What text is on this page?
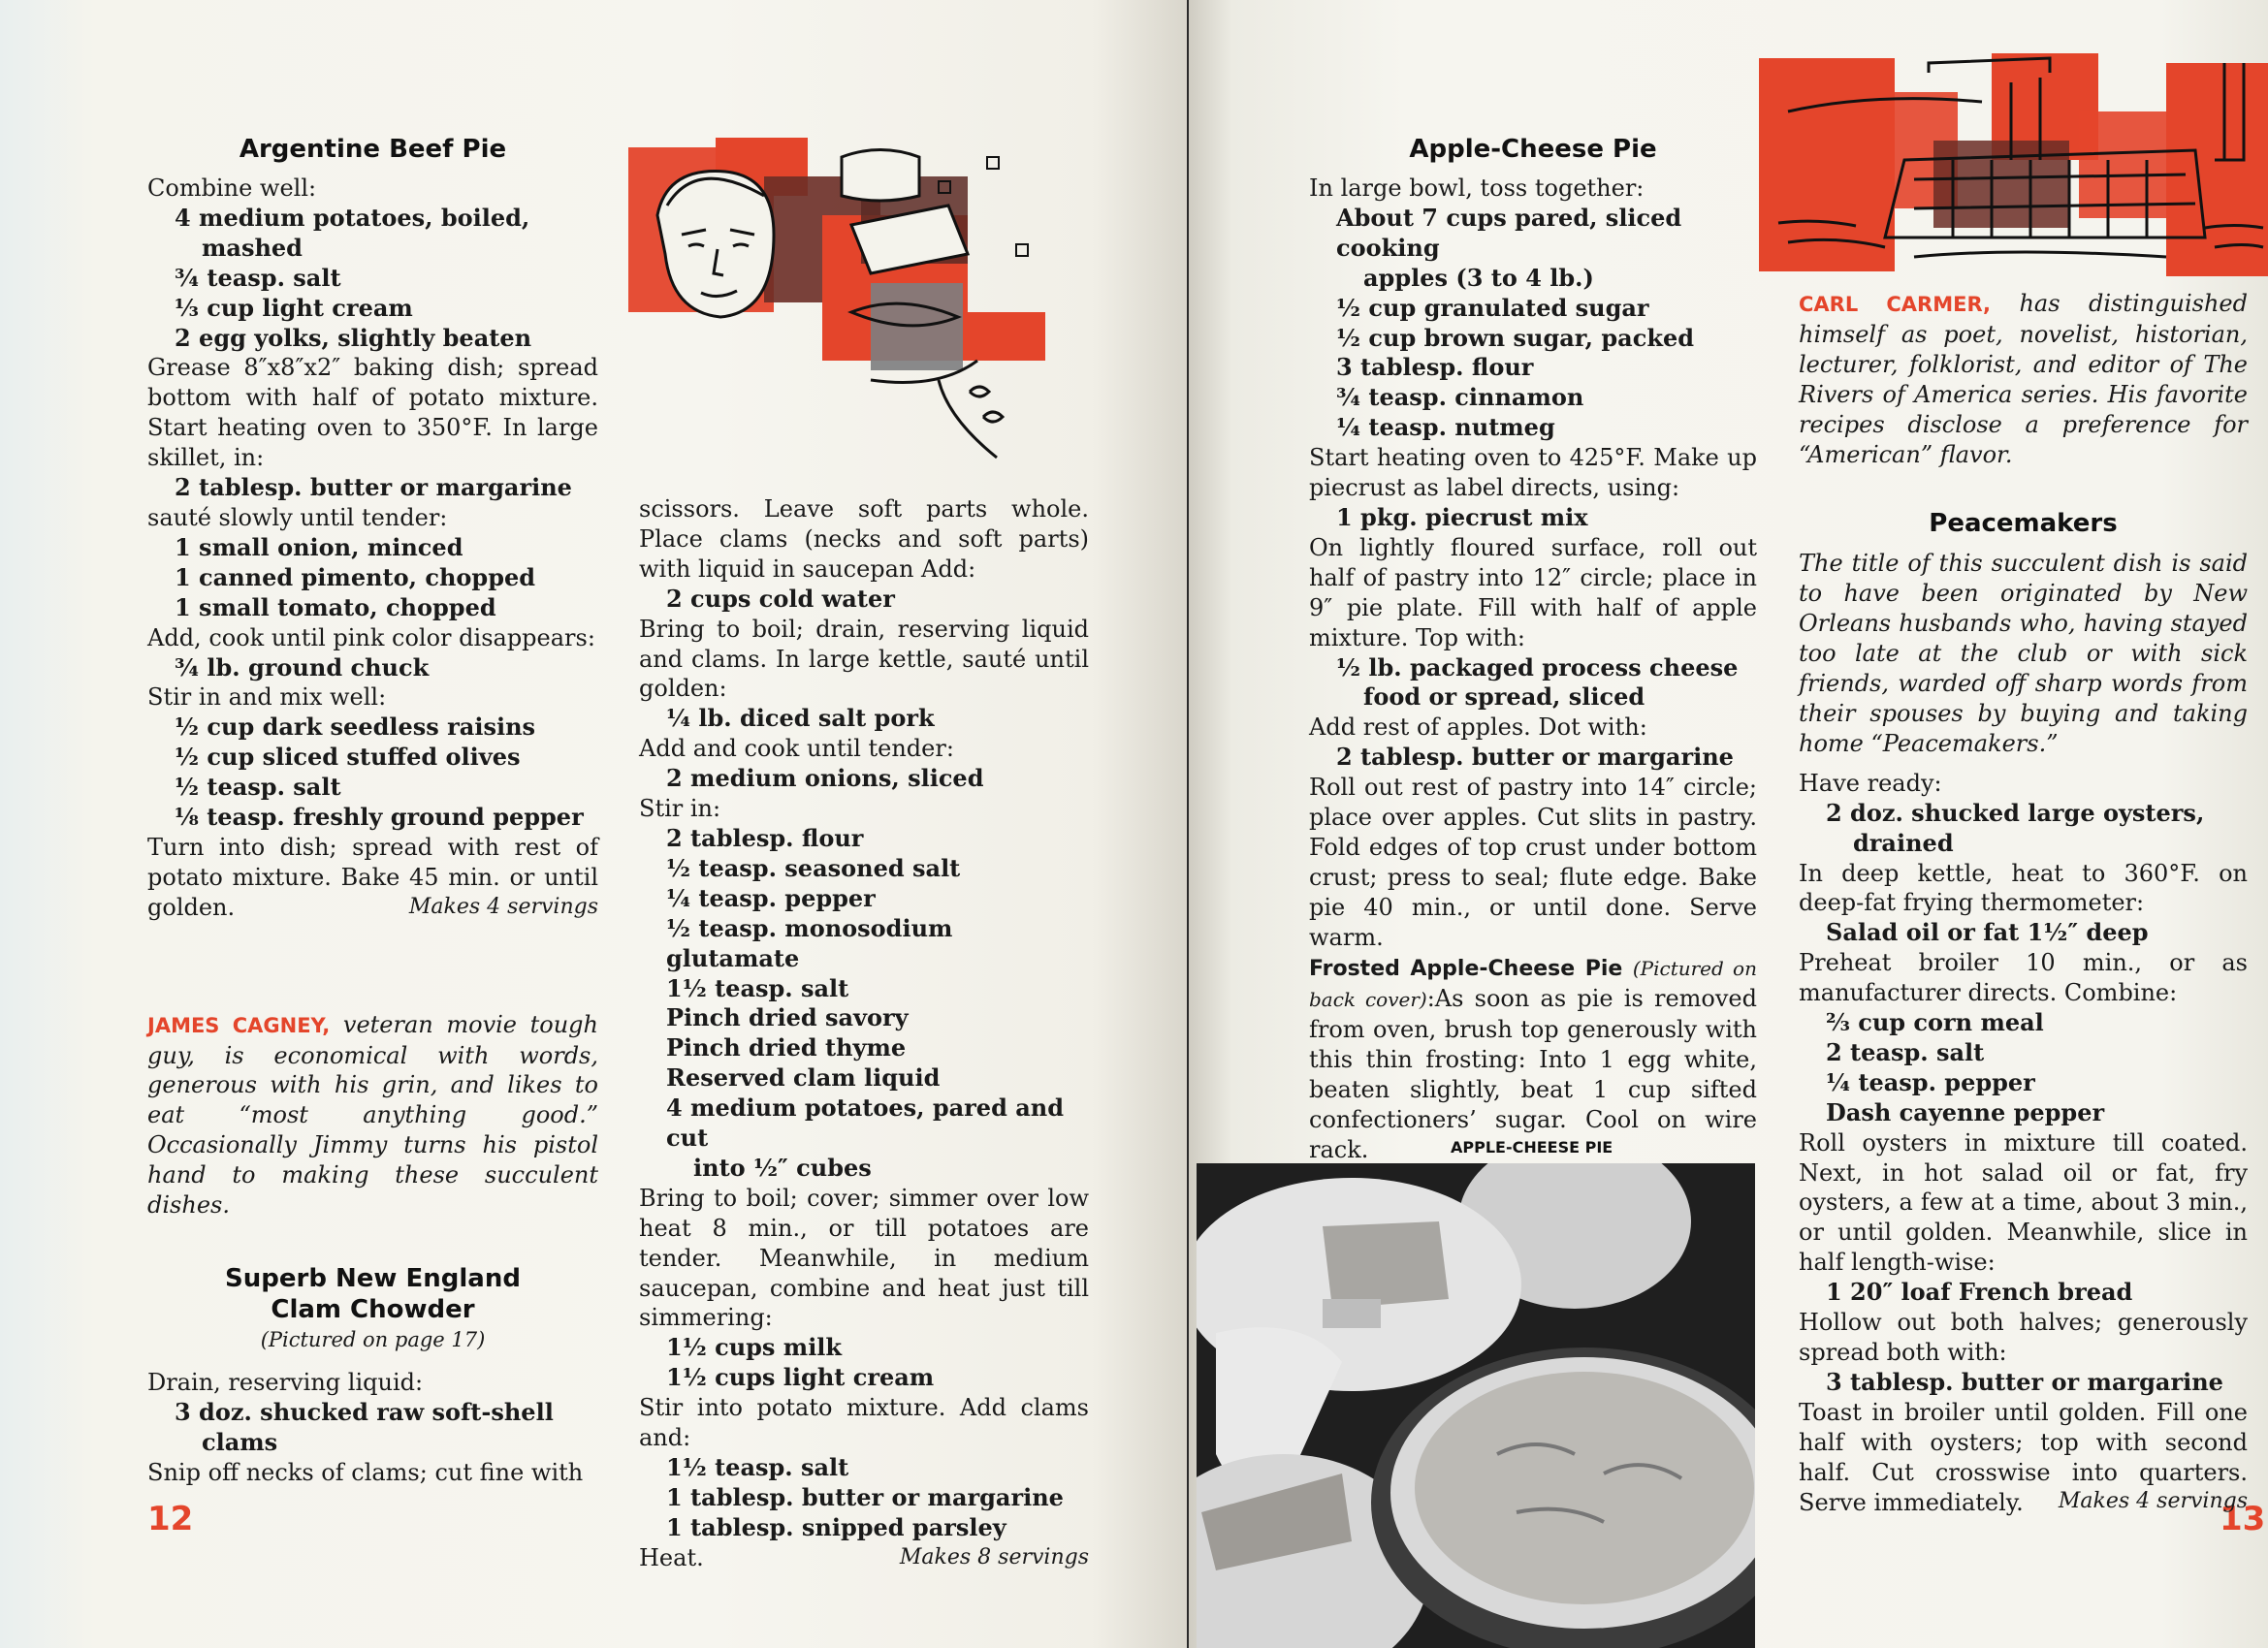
Argentine Beef Pie

Combine well:

4 medium potatoes, boiled,

mashed

¾ teasp. salt

⅓ cup light cream

2 egg yolks, slightly beaten

Grease 8″x8″x2″ baking dish; spread bottom with half of potato mixture. Start heating oven to 350°F. In large skillet, in:

2 tablesp. butter or margarine

sauté slowly until tender:

1 small onion, minced

1 canned pimento, chopped

1 small tomato, chopped

Add, cook until pink color disappears:

¾ lb. ground chuck

Stir in and mix well:

½ cup dark seedless raisins

½ cup sliced stuffed olives

½ teasp. salt

⅛ teasp. freshly ground pepper

Turn into dish; spread with rest of potato mixture. Bake 45 min. or until golden.	Makes 4 servings

JAMES CAGNEY, veteran movie tough guy, is economical with words, generous with his grin, and likes to eat “most anything good.” Occasionally Jimmy turns his pistol hand to making these succulent dishes.

Superb New England
Clam Chowder
(Pictured on page 17)

Drain, reserving liquid:

3 doz. shucked raw soft-shell

clams

Snip off necks of clams; cut fine with

scissors. Leave soft parts whole. Place clams (necks and soft parts) with liquid in saucepan Add:

2 cups cold water

Bring to boil; drain, reserving liquid and clams. In large kettle, sauté until golden:

¼ lb. diced salt pork

Add and cook until tender:

2 medium onions, sliced

Stir in:

2 tablesp. flour

½ teasp. seasoned salt

¼ teasp. pepper

½ teasp. monosodium glutamate

1½ teasp. salt

Pinch dried savory

Pinch dried thyme

Reserved clam liquid

4 medium potatoes, pared and cut

into ½″ cubes

Bring to boil; cover; simmer over low heat 8 min., or till potatoes are tender. Meanwhile, in medium saucepan, combine and heat just till simmering:

1½ cups milk

1½ cups light cream

Stir into potato mixture. Add clams and:

1½ teasp. salt

1 tablesp. butter or margarine

1 tablesp. snipped parsley

Heat.	Makes 8 servings
12	13
Apple-Cheese Pie

In large bowl, toss together:

About 7 cups pared, sliced cooking

apples (3 to 4 lb.)

½ cup granulated sugar

½ cup brown sugar, packed

3 tablesp. flour

¾ teasp. cinnamon

¼ teasp. nutmeg

Start heating oven to 425°F. Make up piecrust as label directs, using:

1 pkg. piecrust mix

On lightly floured surface, roll out half of pastry into 12″ circle; place in 9″ pie plate. Fill with half of apple mixture. Top with:

½ lb. packaged process cheese

food or spread, sliced

Add rest of apples. Dot with:

2 tablesp. butter or margarine

Roll out rest of pastry into 14″ circle; place over apples. Cut slits in pastry. Fold edges of top crust under bottom crust; press to seal; flute edge. Bake pie 40 min., or until done. Serve warm.

Frosted Apple-Cheese Pie (Pictured on back cover):As soon as pie is removed from oven, brush top generously with this thin frosting: Into 1 egg white, beaten slightly, beat 1 cup sifted confectioners’ sugar. Cool on wire rack.	APPLE-CHEESE PIE

CARL CARMER, has distinguished himself as poet, novelist, historian, lecturer, folklorist, and editor of The Rivers of America series. His favorite recipes disclose a preference for “American” flavor.

Peacemakers

The title of this succulent dish is said to have been originated by New Orleans husbands who, having stayed too late at the club or with sick friends, warded off sharp words from their spouses by buying and taking home “Peacemakers.”

Have ready:

2 doz. shucked large oysters,

drained

In deep kettle, heat to 360°F. on deep-fat frying thermometer:

Salad oil or fat 1½″ deep

Preheat broiler 10 min., or as manufacturer directs. Combine:

⅔ cup corn meal

2 teasp. salt

¼ teasp. pepper

Dash cayenne pepper

Roll oysters in mixture till coated. Next, in hot salad oil or fat, fry oysters, a few at a time, about 3 min., or until golden. Meanwhile, slice in half length-wise:

1 20″ loaf French bread

Hollow out both halves; generously spread both with:

3 tablesp. butter or margarine

Toast in broiler until golden. Fill one half with oysters; top with second half. Cut crosswise into quarters. Serve immediately.	Makes 4 servings
